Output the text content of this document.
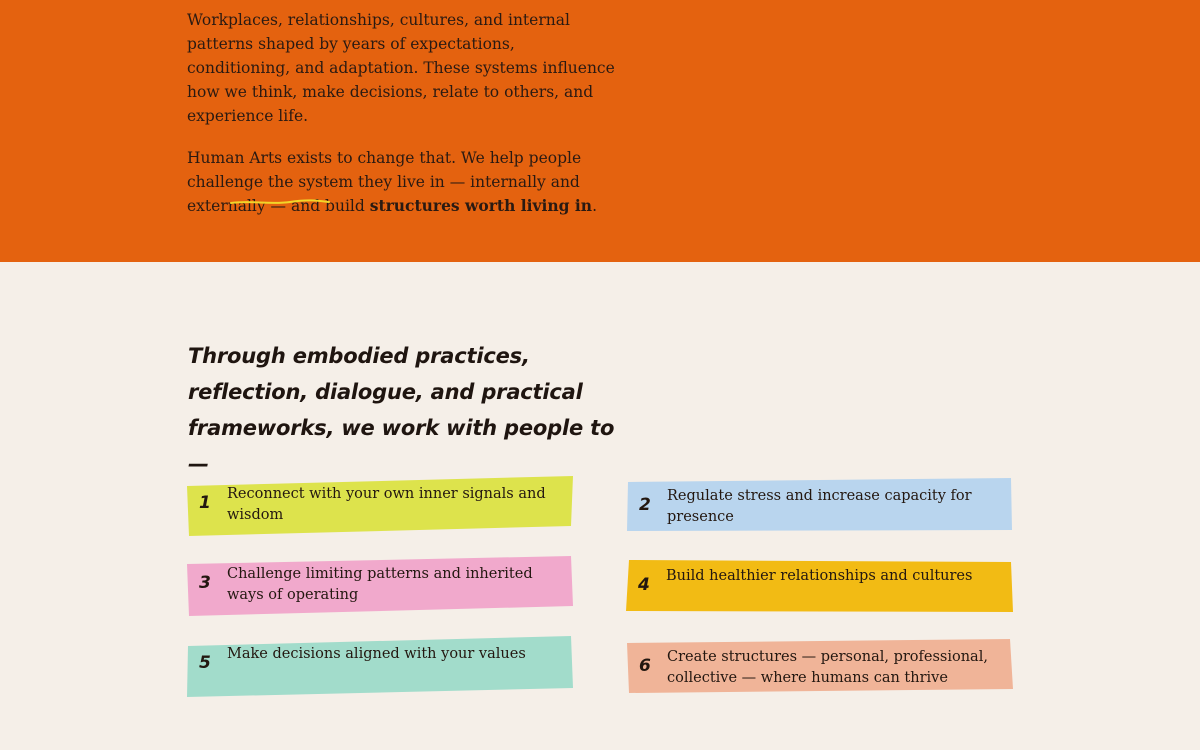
Workplaces, relationships, cultures, and internal patterns shaped by years of expectations, conditioning, and adaptation. These systems influence how we think, make decisions, relate to others, and experience life.

Human Arts exists to change that. We help people challenge the system they live in — internally and externally — and build structures worth living in.

Through embodied practices, reflection, dialogue, and practical frameworks, we work with people to —
1 Reconnect with your own inner signals and wisdom	2 Regulate stress and increase capacity for presence
3 Challenge limiting patterns and inherited ways of operating	4 Build healthier relationships and cultures
5 Make decisions aligned with your values
6 Create structures — personal, professional, collective — where humans can thrive
